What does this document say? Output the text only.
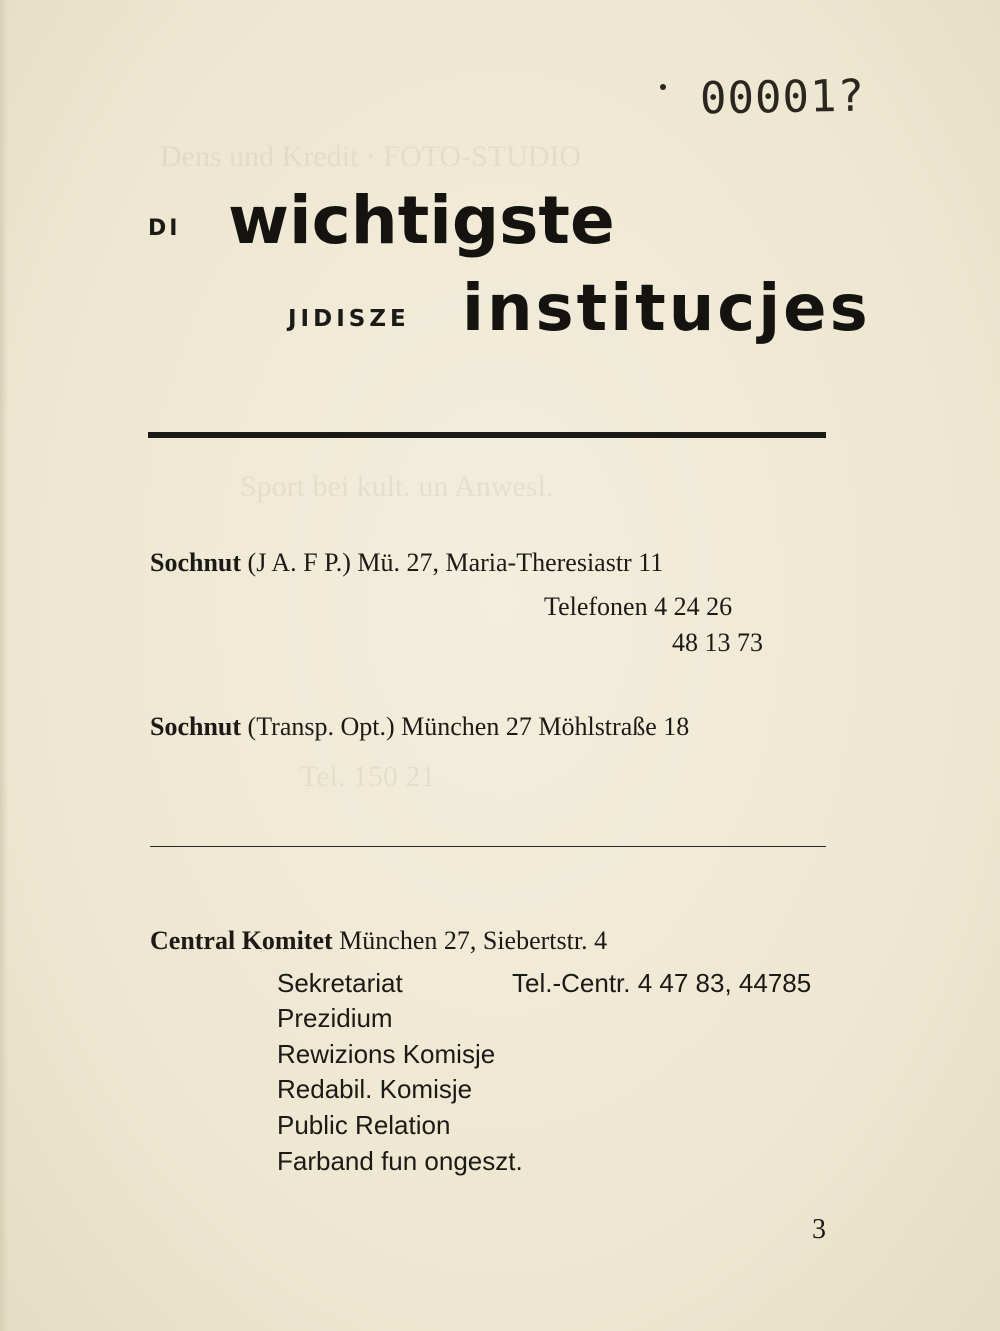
Dens und Kredit · FOTO-STUDIO
Sport bei kult. un Anwesl.
Tel. 150 21
00001?
DI wichtigste
JIDISZE institucjes
Sochnut (J A. F P.) Mü. 27, Maria-Theresiastr 11
Telefonen 4 24 26
48 13 73
Sochnut (Transp. Opt.) München 27 Möhlstraße 18
Central Komitet München 27, Siebertstr. 4
Tel.-Centr. 4 47 83, 44785
Sekretariat
Prezidium
Rewizions Komisje
Redabil. Komisje
Public Relation
Farband fun ongeszt.
3
